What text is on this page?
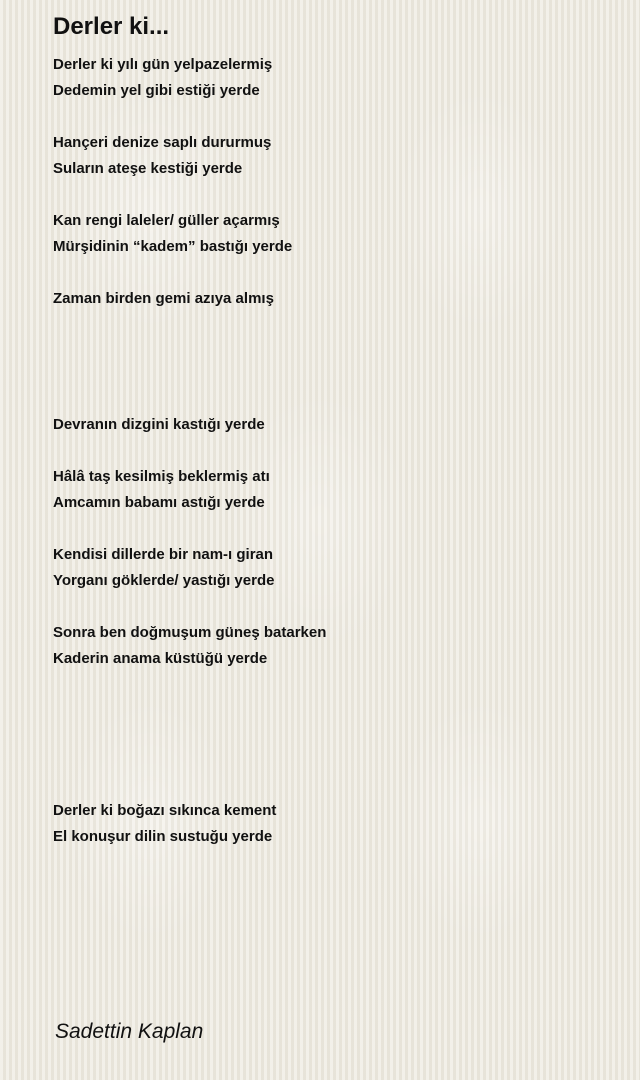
Derler ki...
Derler ki yılı gün yelpazelermiş
Dedemin yel gibi estiği yerde
Hançeri denize saplı dururmuş
Suların ateşe kestiği yerde
Kan rengi laleler/ güller açarmış
Mürşidinin “kadem” bastığı yerde
Zaman birden gemi azıya almış
Devranın dizgini kastığı yerde
Hâlâ taş kesilmiş beklermiş atı
Amcamın babamı astığı yerde
Kendisi dillerde bir nam-ı giran
Yorganı göklerde/ yastığı yerde
Sonra ben doğmuşum güneş batarken
Kaderin anama küstüğü yerde
Derler ki boğazı sıkınca kement
El konuşur dilin sustuğu yerde
Sadettin Kaplan
